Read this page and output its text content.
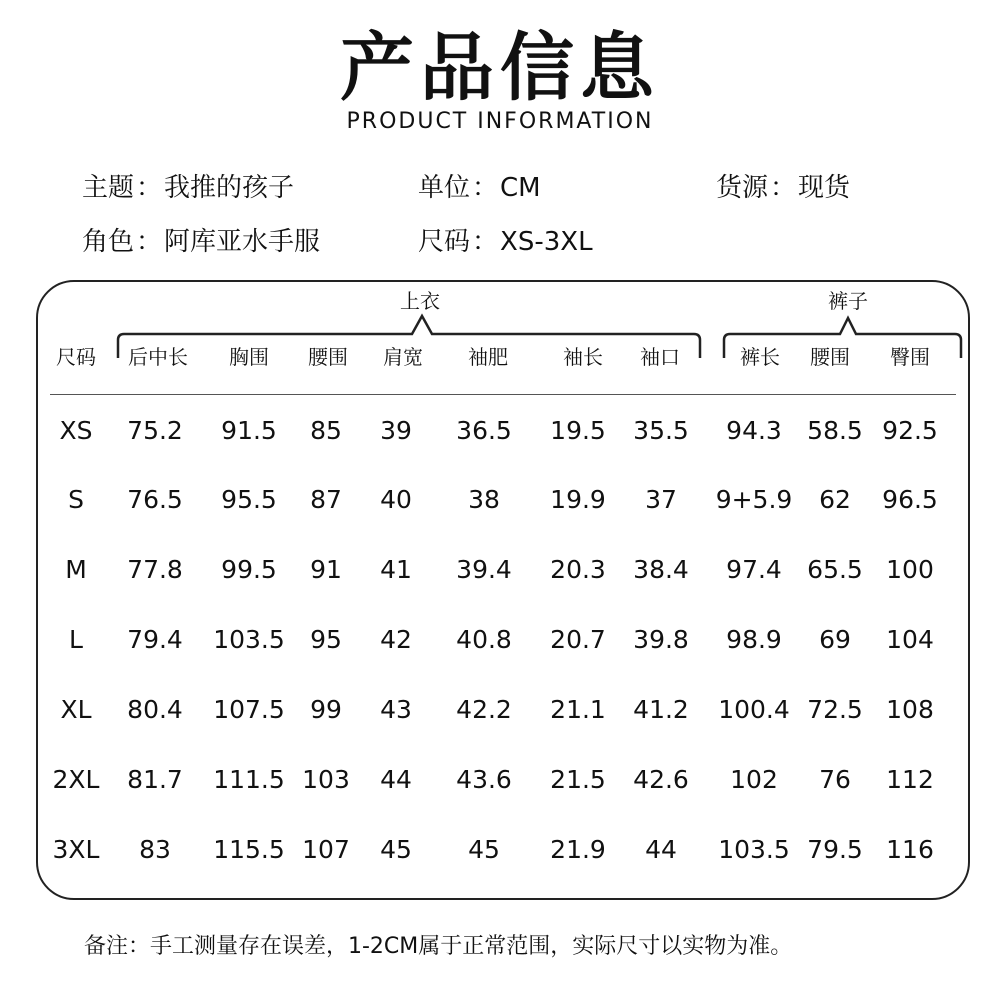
产品信息
PRODUCT INFORMATION
主题：我推的孩子	单位：CM	货源：现货
角色：阿库亚水手服	尺码：XS-3XL
上衣	裤子
尺码 后中长 胸围 腰围 肩宽 袖肥	袖长 袖口	裤长 腰围 臀围
XS 75.2 91.5 85 39 36.5 19.5 35.5 94.3 58.5 92.5
S 76.5 95.5 87 40 38 19.9 37 9+5.9 62 96.5
M 77.8 99.5 91 41 39.4 20.3 38.4 97.4 65.5 100
L 79.4 103.5 95 42 40.8 20.7 39.8 98.9 69 104
XL 80.4 107.5 99 43 42.2 21.1 41.2 100.4 72.5 108
2XL 81.7 111.5 103 44 43.6 21.5 42.6 102 76 112
3XL 83 115.5 107 45 45 21.9 44 103.5 79.5 116
备注：手工测量存在误差，1-2CM属于正常范围，实际尺寸以实物为准。
